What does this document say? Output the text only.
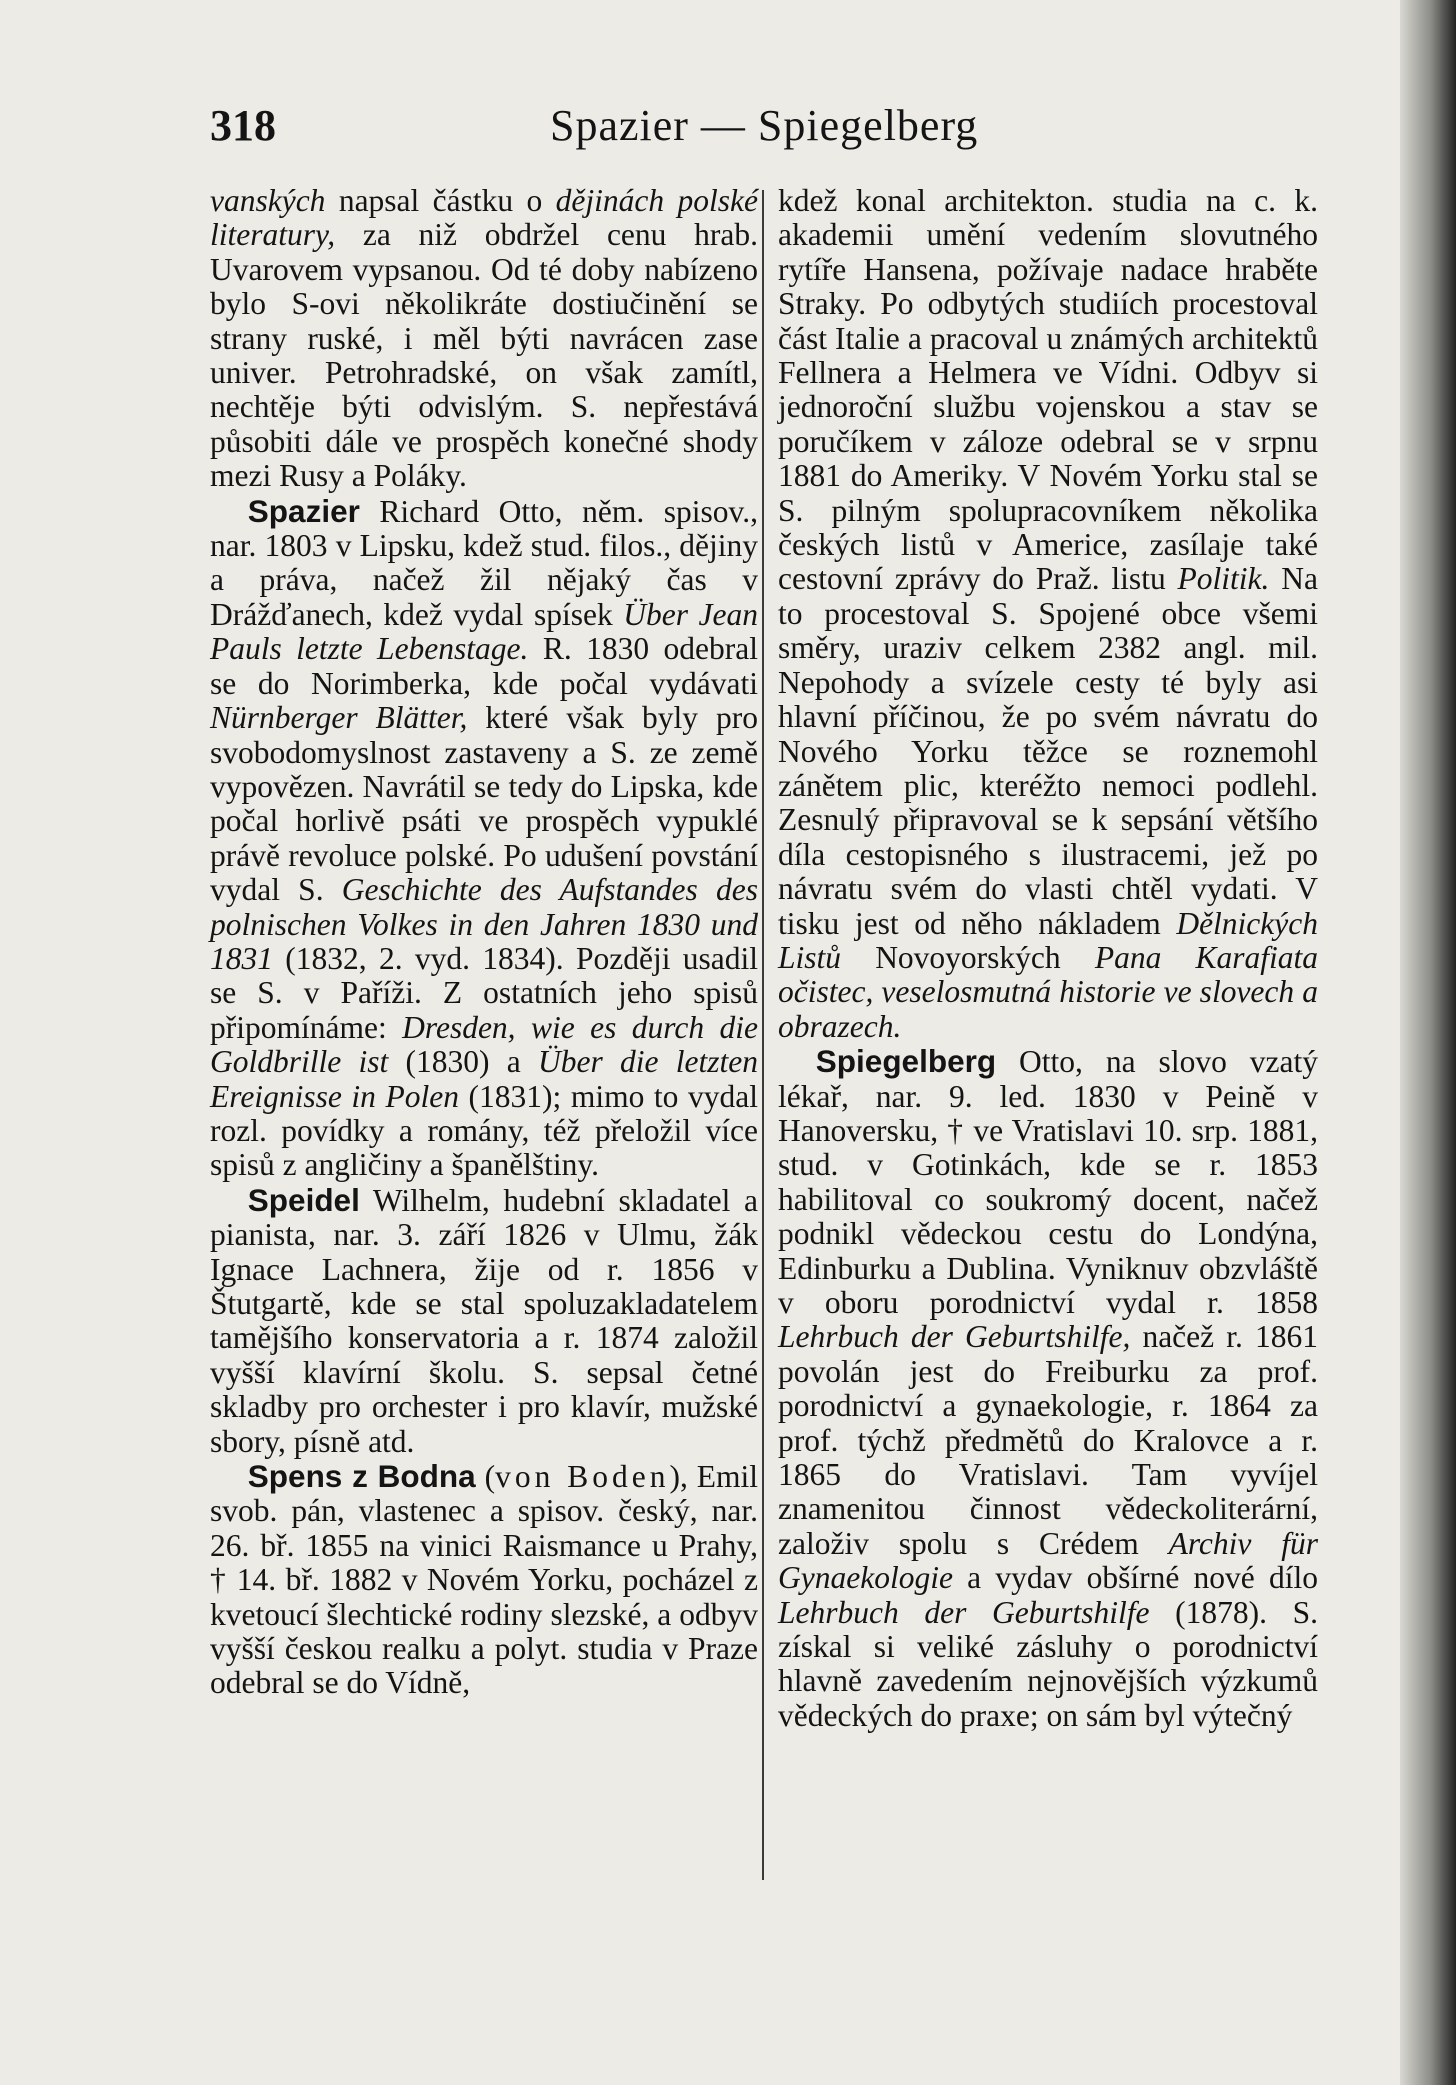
318	Spazier — Spiegelberg

vanských napsal částku o dějinách polské literatury, za niž obdržel cenu hrab. Uvarovem vypsanou. Od té doby nabízeno bylo S-ovi několikráte dostiučinění se strany ruské, i měl býti navrácen zase univer. Petrohradské, on však zamítl, nechtěje býti odvislým. S. nepřestává působiti dále ve prospěch konečné shody mezi Rusy a Poláky.

Spazier Richard Otto, něm. spisov., nar. 1803 v Lipsku, kdež stud. filos., dějiny a práva, načež žil nějaký čas v Drážďanech, kdež vydal spísek Über Jean Pauls letzte Lebenstage. R. 1830 odebral se do Norimberka, kde počal vydávati Nürnberger Blätter, které však byly pro svobodomyslnost zastaveny a S. ze země vypovězen. Navrátil se tedy do Lipska, kde počal horlivě psáti ve prospěch vypuklé právě revoluce polské. Po udušení povstání vydal S. Geschichte des Aufstandes des polnischen Volkes in den Jahren 1830 und 1831 (1832, 2. vyd. 1834). Později usadil se S. v Paříži. Z ostatních jeho spisů připomínáme: Dresden, wie es durch die Goldbrille ist (1830) a Über die letzten Ereignisse in Polen (1831); mimo to vydal rozl. povídky a romány, též přeložil více spisů z angličiny a španělštiny.

Speidel Wilhelm, hudební skladatel a pianista, nar. 3. září 1826 v Ulmu, žák Ignace Lachnera, žije od r. 1856 v Štutgartě, kde se stal spoluzakladatelem tamějšího konservatoria a r. 1874 založil vyšší klavírní školu. S. sepsal četné skladby pro orchester i pro klavír, mužské sbory, písně atd.

Spens z Bodna (von Boden), Emil svob. pán, vlastenec a spisov. český, nar. 26. bř. 1855 na vinici Raismance u Prahy, † 14. bř. 1882 v Novém Yorku, pocházel z kvetoucí šlechtické rodiny slezské, a odbyv vyšší českou realku a polyt. studia v Praze odebral se do Vídně,

kdež konal architekton. studia na c. k. akademii umění vedením slovutného rytíře Hansena, požívaje nadace hraběte Straky. Po odbytých studiích procestoval část Italie a pracoval u známých architektů Fellnera a Helmera ve Vídni. Odbyv si jednoroční službu vojenskou a stav se poručíkem v záloze odebral se v srpnu 1881 do Ameriky. V Novém Yorku stal se S. pilným spolupracovníkem několika českých listů v Americe, zasílaje také cestovní zprávy do Praž. listu Politik. Na to procestoval S. Spojené obce všemi směry, uraziv celkem 2382 angl. mil. Nepohody a svízele cesty té byly asi hlavní příčinou, že po svém návratu do Nového Yorku těžce se roznemohl zánětem plic, kteréžto nemoci podlehl. Zesnulý připravoval se k sepsání většího díla cestopisného s ilustracemi, jež po návratu svém do vlasti chtěl vydati. V tisku jest od něho nákladem Dělnických Listů Novoyorských Pana Karafiata očistec, veselosmutná historie ve slovech a obrazech.

Spiegelberg Otto, na slovo vzatý lékař, nar. 9. led. 1830 v Peině v Hanoversku, † ve Vratislavi 10. srp. 1881, stud. v Gotinkách, kde se r. 1853 habilitoval co soukromý docent, načež podnikl vědeckou cestu do Londýna, Edinburku a Dublina. Vyniknuv obzvláště v oboru porodnictví vydal r. 1858 Lehrbuch der Geburtshilfe, načež r. 1861 povolán jest do Freiburku za prof. porodnictví a gynaekologie, r. 1864 za prof. týchž předmětů do Kralovce a r. 1865 do Vratislavi. Tam vyvíjel znamenitou činnost vědeckoliterární, založiv spolu s Crédem Archiv für Gynaekologie a vydav obšírné nové dílo Lehrbuch der Geburtshilfe (1878). S. získal si veliké zásluhy o porodnictví hlavně zavedením nejnovějších výzkumů vědeckých do praxe; on sám byl výtečný
